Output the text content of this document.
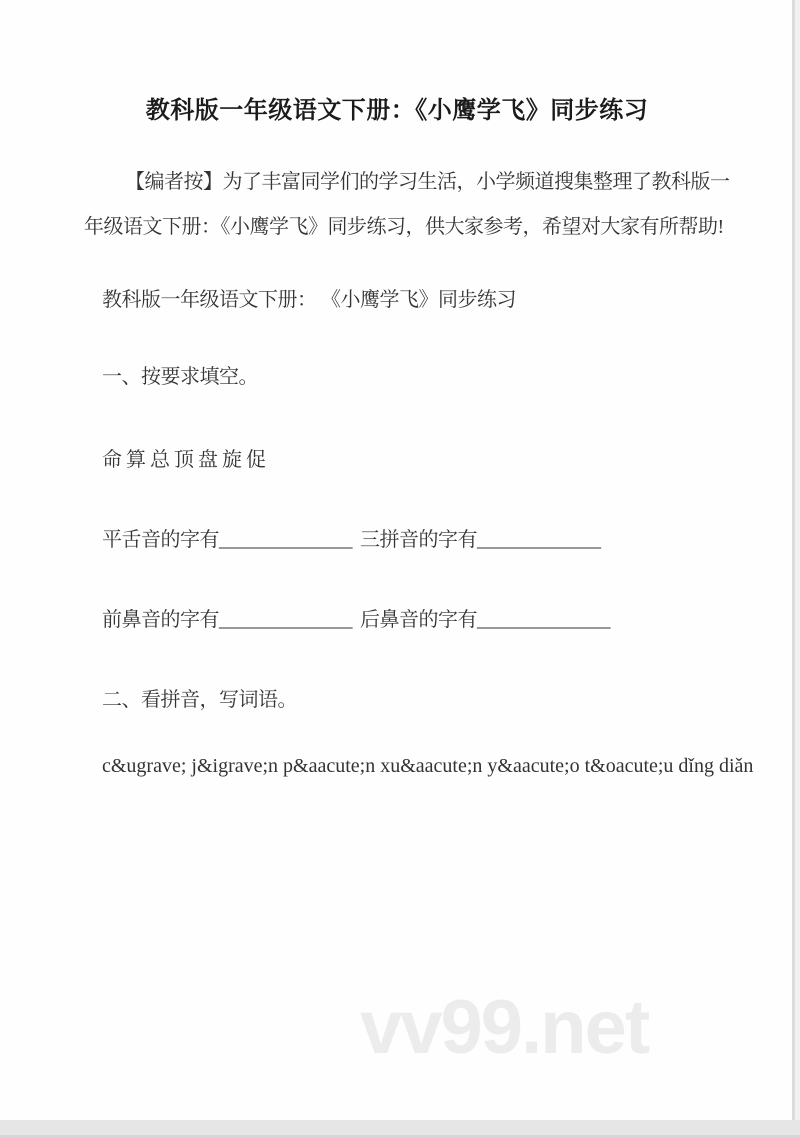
vv99.net
教科版一年级语文下册：《小鹰学飞》同步练习
【编者按】为了丰富同学们的学习生活，小学频道搜集整理了教科版一
年级语文下册：《小鹰学飞》同步练习，供大家参考，希望对大家有所帮助!
教科版一年级语文下册： 《小鹰学飞》同步练习
一、按要求填空。
命 算 总 顶 盘 旋 促
平舌音的字有______________ 三拼音的字有_____________
前鼻音的字有______________ 后鼻音的字有______________
二、看拼音，写词语。
c&ugrave; j&igrave;n p&aacute;n xu&aacute;n y&aacute;o t&oacute;u dǐng diǎn
